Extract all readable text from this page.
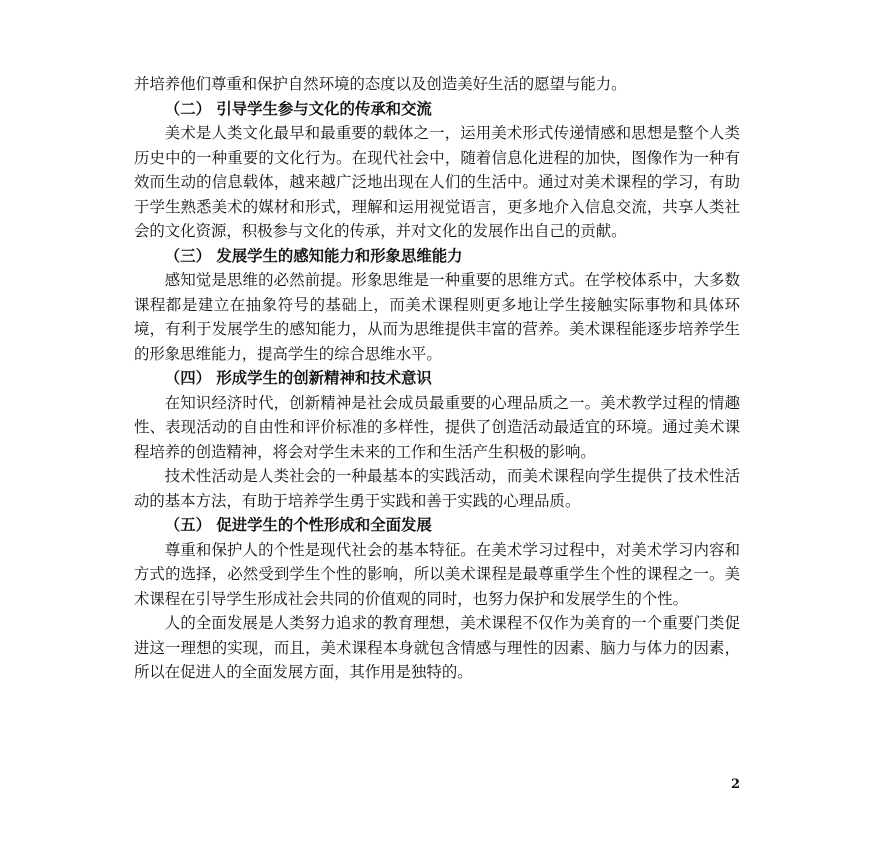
并培养他们尊重和保护自然环境的态度以及创造美好生活的愿望与能力。

（二） 引导学生参与文化的传承和交流

美术是人类文化最早和最重要的载体之一，运用美术形式传递情感和思想是整个人类历史中的一种重要的文化行为。在现代社会中，随着信息化进程的加快，图像作为一种有效而生动的信息载体，越来越广泛地出现在人们的生活中。通过对美术课程的学习，有助于学生熟悉美术的媒材和形式，理解和运用视觉语言，更多地介入信息交流，共享人类社会的文化资源，积极参与文化的传承，并对文化的发展作出自己的贡献。

（三） 发展学生的感知能力和形象思维能力

感知觉是思维的必然前提。形象思维是一种重要的思维方式。在学校体系中，大多数课程都是建立在抽象符号的基础上，而美术课程则更多地让学生接触实际事物和具体环境，有利于发展学生的感知能力，从而为思维提供丰富的营养。美术课程能逐步培养学生的形象思维能力，提高学生的综合思维水平。

（四） 形成学生的创新精神和技术意识

在知识经济时代，创新精神是社会成员最重要的心理品质之一。美术教学过程的情趣性、表现活动的自由性和评价标准的多样性，提供了创造活动最适宜的环境。通过美术课程培养的创造精神，将会对学生未来的工作和生活产生积极的影响。

技术性活动是人类社会的一种最基本的实践活动，而美术课程向学生提供了技术性活动的基本方法，有助于培养学生勇于实践和善于实践的心理品质。

（五） 促进学生的个性形成和全面发展

尊重和保护人的个性是现代社会的基本特征。在美术学习过程中，对美术学习内容和方式的选择，必然受到学生个性的影响，所以美术课程是最尊重学生个性的课程之一。美术课程在引导学生形成社会共同的价值观的同时，也努力保护和发展学生的个性。

人的全面发展是人类努力追求的教育理想，美术课程不仅作为美育的一个重要门类促进这一理想的实现，而且，美术课程本身就包含情感与理性的因素、脑力与体力的因素，所以在促进人的全面发展方面，其作用是独特的。

2
